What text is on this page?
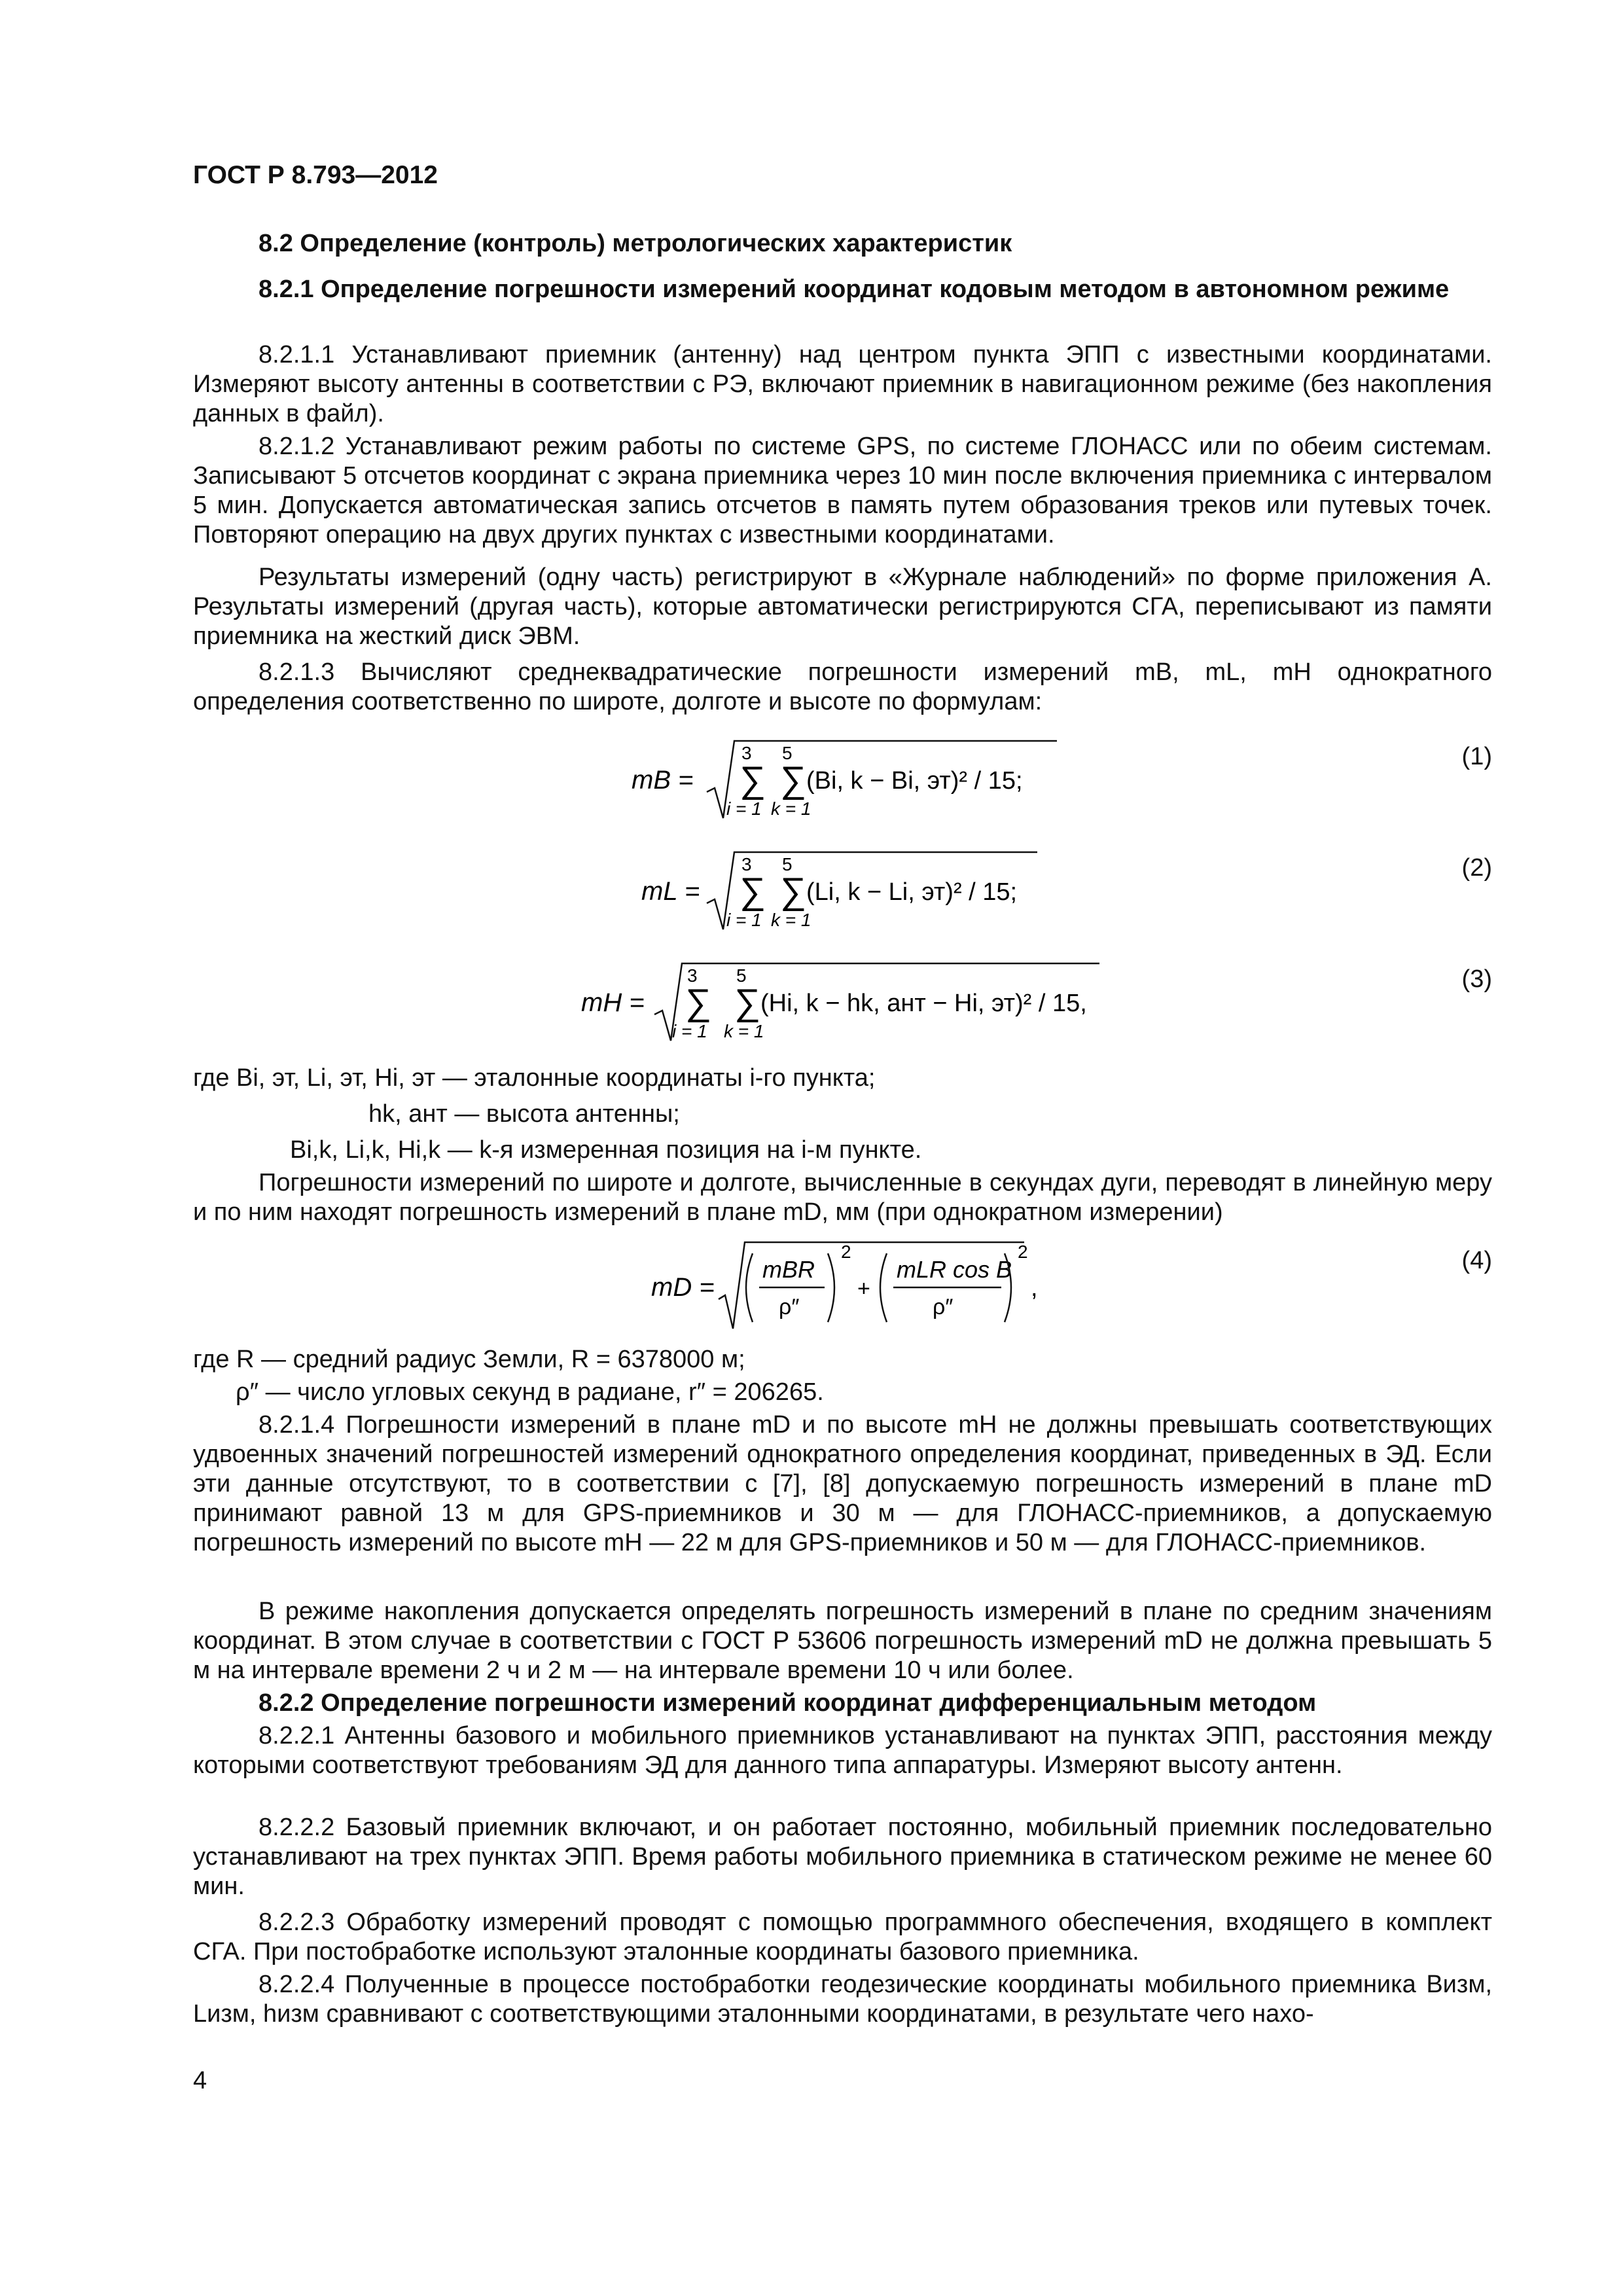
ГОСТ Р 8.793—2012
8.2 Определение (контроль) метрологических характеристик
8.2.1 Определение погрешности измерений координат кодовым методом в автономном режиме
8.2.1.1 Устанавливают приемник (антенну) над центром пункта ЭПП с известными координатами. Измеряют высоту антенны в соответствии с РЭ, включают приемник в навигационном режиме (без накопления данных в файл).
8.2.1.2 Устанавливают режим работы по системе GPS, по системе ГЛОНАСС или по обеим системам. Записывают 5 отсчетов координат с экрана приемника через 10 мин после включения приемника с интервалом 5 мин. Допускается автоматическая запись отсчетов в память путем образования треков или путевых точек. Повторяют операцию на двух других пунктах с известными координатами.
Результаты измерений (одну часть) регистрируют в «Журнале наблюдений» по форме приложения А. Результаты измерений (другая часть), которые автоматически регистрируются СГА, переписывают из памяти приемника на жесткий диск ЭВМ.
8.2.1.3 Вычисляют среднеквадратические погрешности измерений mB, mL, mH однократного определения соответственно по широте, долготе и высоте по формулам:
mB =
3
∑
i = 1
5
∑
k = 1
(Bi, k − Bi, эт)² / 15;
(1)
mL =
3
∑
i = 1
5
∑
k = 1
(Li, k − Li, эт)² / 15;
(2)
mH =
3
∑
i = 1
5
∑
k = 1
(Hi, k − hk, ант − Hi, эт)² / 15,
(3)
где Bi, эт, Li, эт, Hi, эт — эталонные координаты i-го пункта;
hk, ант — высота антенны;
Bi,k, Li,k, Hi,k — k-я измеренная позиция на i-м пункте.
Погрешности измерений по широте и долготе, вычисленные в секундах дуги, переводят в линейную меру и по ним находят погрешность измерений в плане mD, мм (при однократном измерении)
mD =
mBR
ρ″
2
+
mLR cos B
ρ″
2
,
(4)
где R — средний радиус Земли, R = 6378000 м;
ρ″ — число угловых секунд в радиане, r″ = 206265.
8.2.1.4 Погрешности измерений в плане mD и по высоте mH не должны превышать соответствующих удвоенных значений погрешностей измерений однократного определения координат, приведенных в ЭД. Если эти данные отсутствуют, то в соответствии с [7], [8] допускаемую погрешность измерений в плане mD принимают равной 13 м для GPS-приемников и 30 м — для ГЛОНАСС-приемников, а допускаемую погрешность измерений по высоте mH — 22 м для GPS-приемников и 50 м — для ГЛОНАСС-приемников.
В режиме накопления допускается определять погрешность измерений в плане по средним значениям координат. В этом случае в соответствии с ГОСТ Р 53606 погрешность измерений mD не должна превышать 5 м на интервале времени 2 ч и 2 м — на интервале времени 10 ч или более.
8.2.2 Определение погрешности измерений координат дифференциальным методом
8.2.2.1 Антенны базового и мобильного приемников устанавливают на пунктах ЭПП, расстояния между которыми соответствуют требованиям ЭД для данного типа аппаратуры. Измеряют высоту антенн.
8.2.2.2 Базовый приемник включают, и он работает постоянно, мобильный приемник последовательно устанавливают на трех пунктах ЭПП. Время работы мобильного приемника в статическом режиме не менее 60 мин.
8.2.2.3 Обработку измерений проводят с помощью программного обеспечения, входящего в комплект СГА. При постобработке используют эталонные координаты базового приемника.
8.2.2.4 Полученные в процессе постобработки геодезические координаты мобильного приемника Bизм, Lизм, hизм сравнивают с соответствующими эталонными координатами, в результате чего нахо-
4
